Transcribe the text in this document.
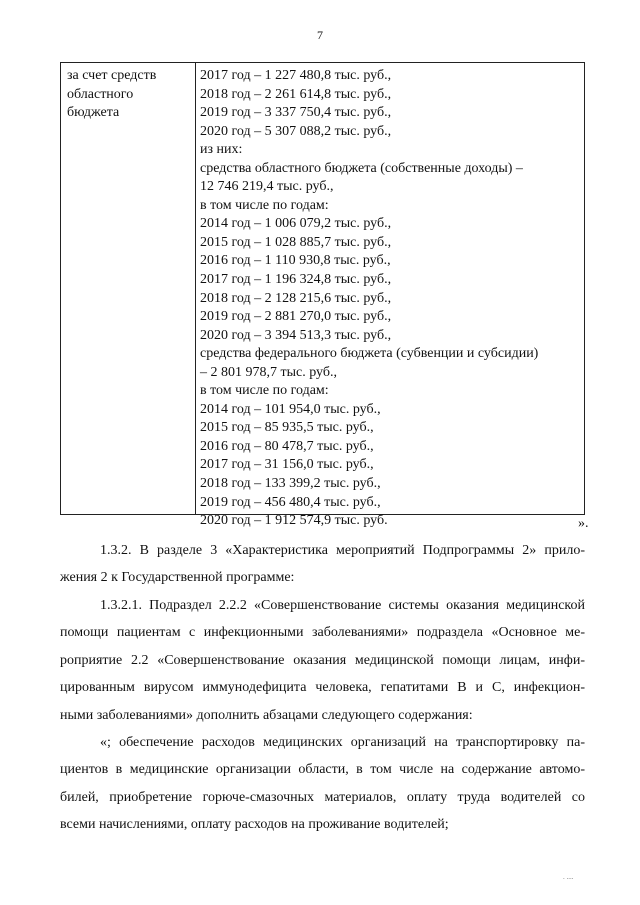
7
за счет средств
областного
бюджета
2017 год – 1 227 480,8 тыс. руб.,
2018 год – 2 261 614,8 тыс. руб.,
2019 год – 3 337 750,4 тыс. руб.,
2020 год – 5 307 088,2 тыс. руб.,
из них:
средства областного бюджета (собственные доходы) –
12 746 219,4 тыс. руб.,
в том числе по годам:
2014 год – 1 006 079,2 тыс. руб.,
2015 год – 1 028 885,7 тыс. руб.,
2016 год – 1 110 930,8 тыс. руб.,
2017 год – 1 196 324,8 тыс. руб.,
2018 год – 2 128 215,6 тыс. руб.,
2019 год – 2 881 270,0 тыс. руб.,
2020 год – 3 394 513,3 тыс. руб.,
средства федерального бюджета (субвенции и субсидии)
– 2 801 978,7 тыс. руб.,
в том числе по годам:
2014 год – 101 954,0 тыс. руб.,
2015 год – 85 935,5 тыс. руб.,
2016 год – 80 478,7 тыс. руб.,
2017 год – 31 156,0 тыс. руб.,
2018 год – 133 399,2 тыс. руб.,
2019 год – 456 480,4 тыс. руб.,
2020 год – 1 912 574,9 тыс. руб.	».
1.3.2. В разделе 3 «Характеристика мероприятий Подпрограммы 2» прило-
жения 2 к Государственной программе:
1.3.2.1. Подраздел 2.2.2 «Совершенствование системы оказания медицинской
помощи пациентам с инфекционными заболеваниями» подраздела «Основное ме-
роприятие 2.2 «Совершенствование оказания медицинской помощи лицам, инфи-
цированным вирусом иммунодефицита человека, гепатитами В и С, инфекцион-
ными заболеваниями» дополнить абзацами следующего содержания:
«; обеспечение расходов медицинских организаций на транспортировку па-
циентов в медицинские организации области, в том числе на содержание автомо-
билей, приобретение горюче-смазочных материалов, оплату труда водителей со
всеми начислениями, оплату расходов на проживание водителей;
. ....
